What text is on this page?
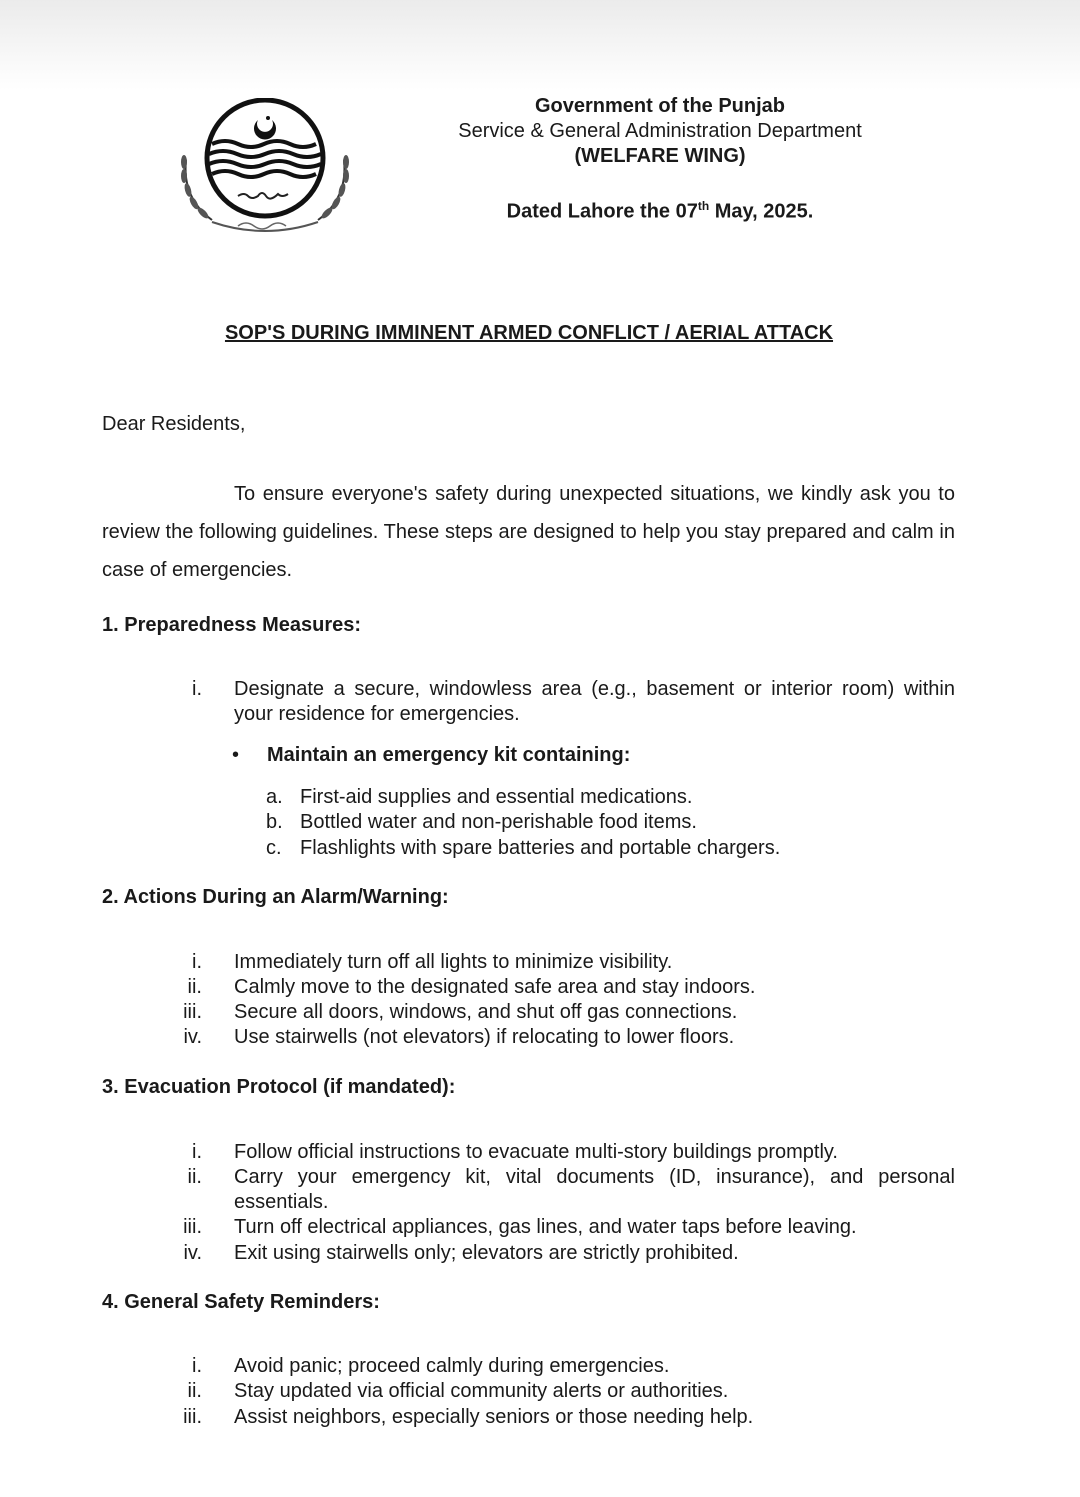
Government of the Punjab
Service & General Administration Department
(WELFARE WING)
Dated Lahore the 07th May, 2025.
SOP'S DURING IMMINENT ARMED CONFLICT / AERIAL ATTACK
Dear Residents,

To ensure everyone's safety during unexpected situations, we kindly ask you to review the following guidelines. These steps are designed to help you stay prepared and calm in case of emergencies.

1. Preparedness Measures:
i. Designate a secure, windowless area (e.g., basement or interior room) within your residence for emergencies.
• Maintain an emergency kit containing:
a. First-aid supplies and essential medications.
b. Bottled water and non-perishable food items.
c. Flashlights with spare batteries and portable chargers.
2. Actions During an Alarm/Warning:
i. Immediately turn off all lights to minimize visibility.
ii. Calmly move to the designated safe area and stay indoors.
iii. Secure all doors, windows, and shut off gas connections.
iv. Use stairwells (not elevators) if relocating to lower floors.
3. Evacuation Protocol (if mandated):
i. Follow official instructions to evacuate multi-story buildings promptly.
ii. Carry your emergency kit, vital documents (ID, insurance), and personal essentials.
iii. Turn off electrical appliances, gas lines, and water taps before leaving.
iv. Exit using stairwells only; elevators are strictly prohibited.
4. General Safety Reminders:
i. Avoid panic; proceed calmly during emergencies.
ii. Stay updated via official community alerts or authorities.
iii. Assist neighbors, especially seniors or those needing help.
